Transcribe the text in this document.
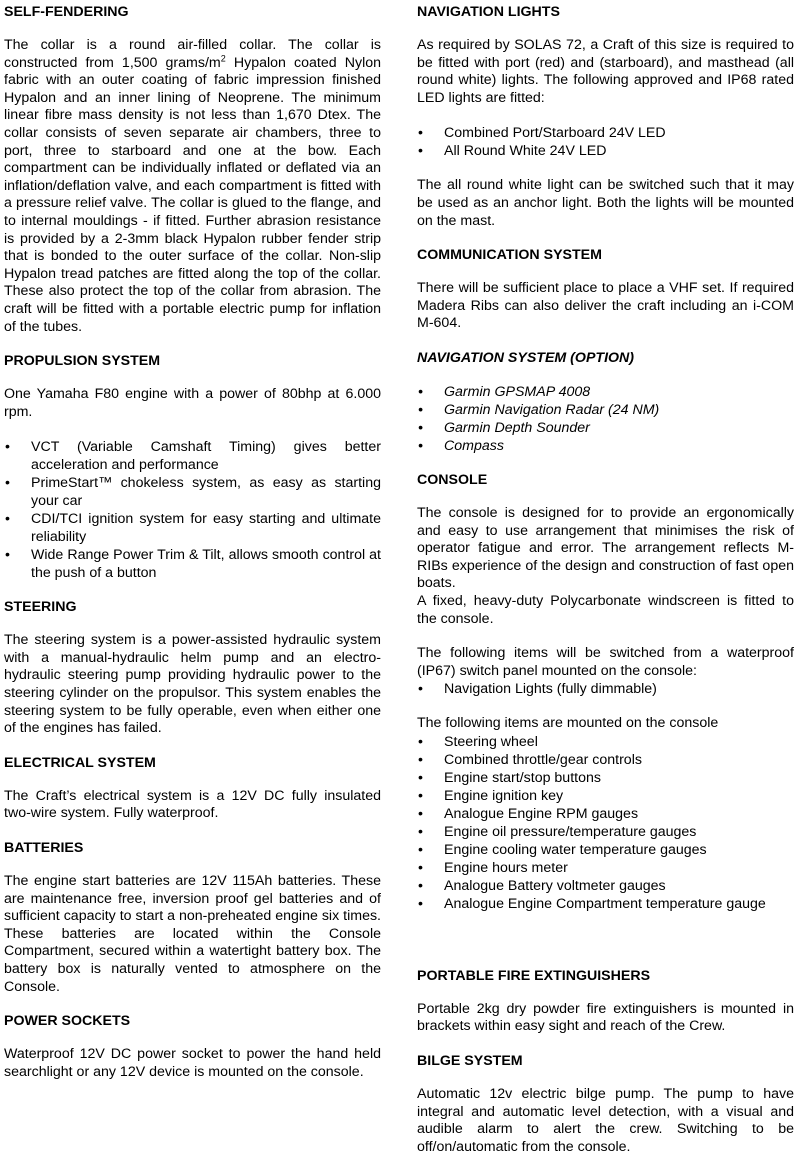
SELF-FENDERING

The collar is a round air-filled collar. The collar is constructed from 1,500 grams/$m^2$ Hypalon coated Nylon fabric with an outer coating of fabric impression finished Hypalon and an inner lining of Neoprene. The minimum linear fibre mass density is not less than 1,670 Dtex. The collar consists of seven separate air chambers, three to port, three to starboard and one at the bow. Each compartment can be individually inflated or deflated via an inflation/deflation valve, and each compartment is fitted with a pressure relief valve. The collar is glued to the flange, and to internal mouldings - if fitted. Further abrasion resistance is provided by a 2-3mm black Hypalon rubber fender strip that is bonded to the outer surface of the collar. Non-slip Hypalon tread patches are fitted along the top of the collar. These also protect the top of the collar from abrasion. The craft will be fitted with a portable electric pump for inflation of the tubes.

PROPULSION SYSTEM

One Yamaha F80 engine with a power of 80bhp at 6.000 rpm.

• VCT (Variable Camshaft Timing) gives better acceleration and performance
• PrimeStart™ chokeless system, as easy as starting your car
• CDI/TCI ignition system for easy starting and ultimate reliability
• Wide Range Power Trim & Tilt, allows smooth control at the push of a button
STEERING

The steering system is a power-assisted hydraulic system with a manual-hydraulic helm pump and an electro-hydraulic steering pump providing hydraulic power to the steering cylinder on the propulsor. This system enables the steering system to be fully operable, even when either one of the engines has failed.

ELECTRICAL SYSTEM

The Craft’s electrical system is a 12V DC fully insulated two-wire system. Fully waterproof.

BATTERIES

The engine start batteries are 12V 115Ah batteries. These are maintenance free, inversion proof gel batteries and of sufficient capacity to start a non-preheated engine six times. These batteries are located within the Console Compartment, secured within a watertight battery box. The battery box is naturally vented to atmosphere on the Console.

POWER SOCKETS

Waterproof 12V DC power socket to power the hand held searchlight or any 12V device is mounted on the console.

NAVIGATION LIGHTS

As required by SOLAS 72, a Craft of this size is required to be fitted with port (red) and (starboard), and masthead (all round white) lights. The following approved and IP68 rated LED lights are fitted:

• Combined Port/Starboard 24V LED
• All Round White 24V LED

The all round white light can be switched such that it may be used as an anchor light. Both the lights will be mounted on the mast.

COMMUNICATION SYSTEM

There will be sufficient place to place a VHF set. If required Madera Ribs can also deliver the craft including an i-COM M-604.

NAVIGATION SYSTEM (OPTION)
• Garmin GPSMAP 4008
• Garmin Navigation Radar (24 NM)
• Garmin Depth Sounder
• Compass
CONSOLE

The console is designed for to provide an ergonomically and easy to use arrangement that minimises the risk of operator fatigue and error. The arrangement reflects M-RIBs experience of the design and construction of fast open boats.

A fixed, heavy-duty Polycarbonate windscreen is fitted to the console.

The following items will be switched from a waterproof (IP67) switch panel mounted on the console:

• Navigation Lights (fully dimmable)

The following items are mounted on the console

• Steering wheel
• Combined throttle/gear controls
• Engine start/stop buttons
• Engine ignition key
• Analogue Engine RPM gauges
• Engine oil pressure/temperature gauges
• Engine cooling water temperature gauges
• Engine hours meter
• Analogue Battery voltmeter gauges
• Analogue Engine Compartment temperature gauge
PORTABLE FIRE EXTINGUISHERS

Portable 2kg dry powder fire extinguishers is mounted in brackets within easy sight and reach of the Crew.

BILGE SYSTEM

Automatic 12v electric bilge pump. The pump to have integral and automatic level detection, with a visual and audible alarm to alert the crew. Switching to be off/on/automatic from the console.
